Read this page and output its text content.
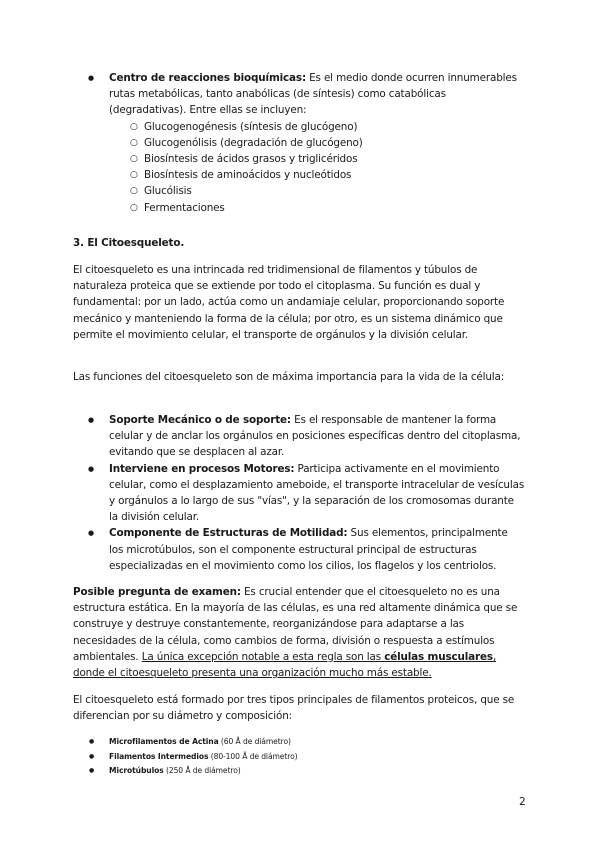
● Centro de reacciones bioquímicas: Es el medio donde ocurren innumerables rutas metabólicas, tanto anabólicas (de síntesis) como catabólicas (degradativas). Entre ellas se incluyen:
○ Glucogenogénesis (síntesis de glucógeno)
○ Glucogenólisis (degradación de glucógeno)
○ Biosíntesis de ácidos grasos y triglicéridos
○ Biosíntesis de aminoácidos y nucleótidos
○ Glucólisis
○ Fermentaciones

3. El Citoesqueleto.

El citoesqueleto es una intrincada red tridimensional de filamentos y túbulos de naturaleza proteica que se extiende por todo el citoplasma. Su función es dual y fundamental: por un lado, actúa como un andamiaje celular, proporcionando soporte mecánico y manteniendo la forma de la célula; por otro, es un sistema dinámico que permite el movimiento celular, el transporte de orgánulos y la división celular.

Las funciones del citoesqueleto son de máxima importancia para la vida de la célula:

● Soporte Mecánico o de soporte: Es el responsable de mantener la forma celular y de anclar los orgánulos en posiciones específicas dentro del citoplasma, evitando que se desplacen al azar.
● Interviene en procesos Motores: Participa activamente en el movimiento celular, como el desplazamiento ameboide, el transporte intracelular de vesículas y orgánulos a lo largo de sus "vías", y la separación de los cromosomas durante la división celular.
● Componente de Estructuras de Motilidad: Sus elementos, principalmente los microtúbulos, son el componente estructural principal de estructuras especializadas en el movimiento como los cilios, los flagelos y los centriolos.

Posible pregunta de examen: Es crucial entender que el citoesqueleto no es una estructura estática. En la mayoría de las células, es una red altamente dinámica que se construye y destruye constantemente, reorganizándose para adaptarse a las necesidades de la célula, como cambios de forma, división o respuesta a estímulos ambientales. La única excepción notable a esta regla son las células musculares, donde el citoesqueleto presenta una organización mucho más estable.

El citoesqueleto está formado por tres tipos principales de filamentos proteicos, que se diferencian por su diámetro y composición:

● Microfilamentos de Actina (60 Å de diámetro)
● Filamentos Intermedios (80-100 Å de diámetro)
● Microtúbulos (250 Å de diámetro)
2
